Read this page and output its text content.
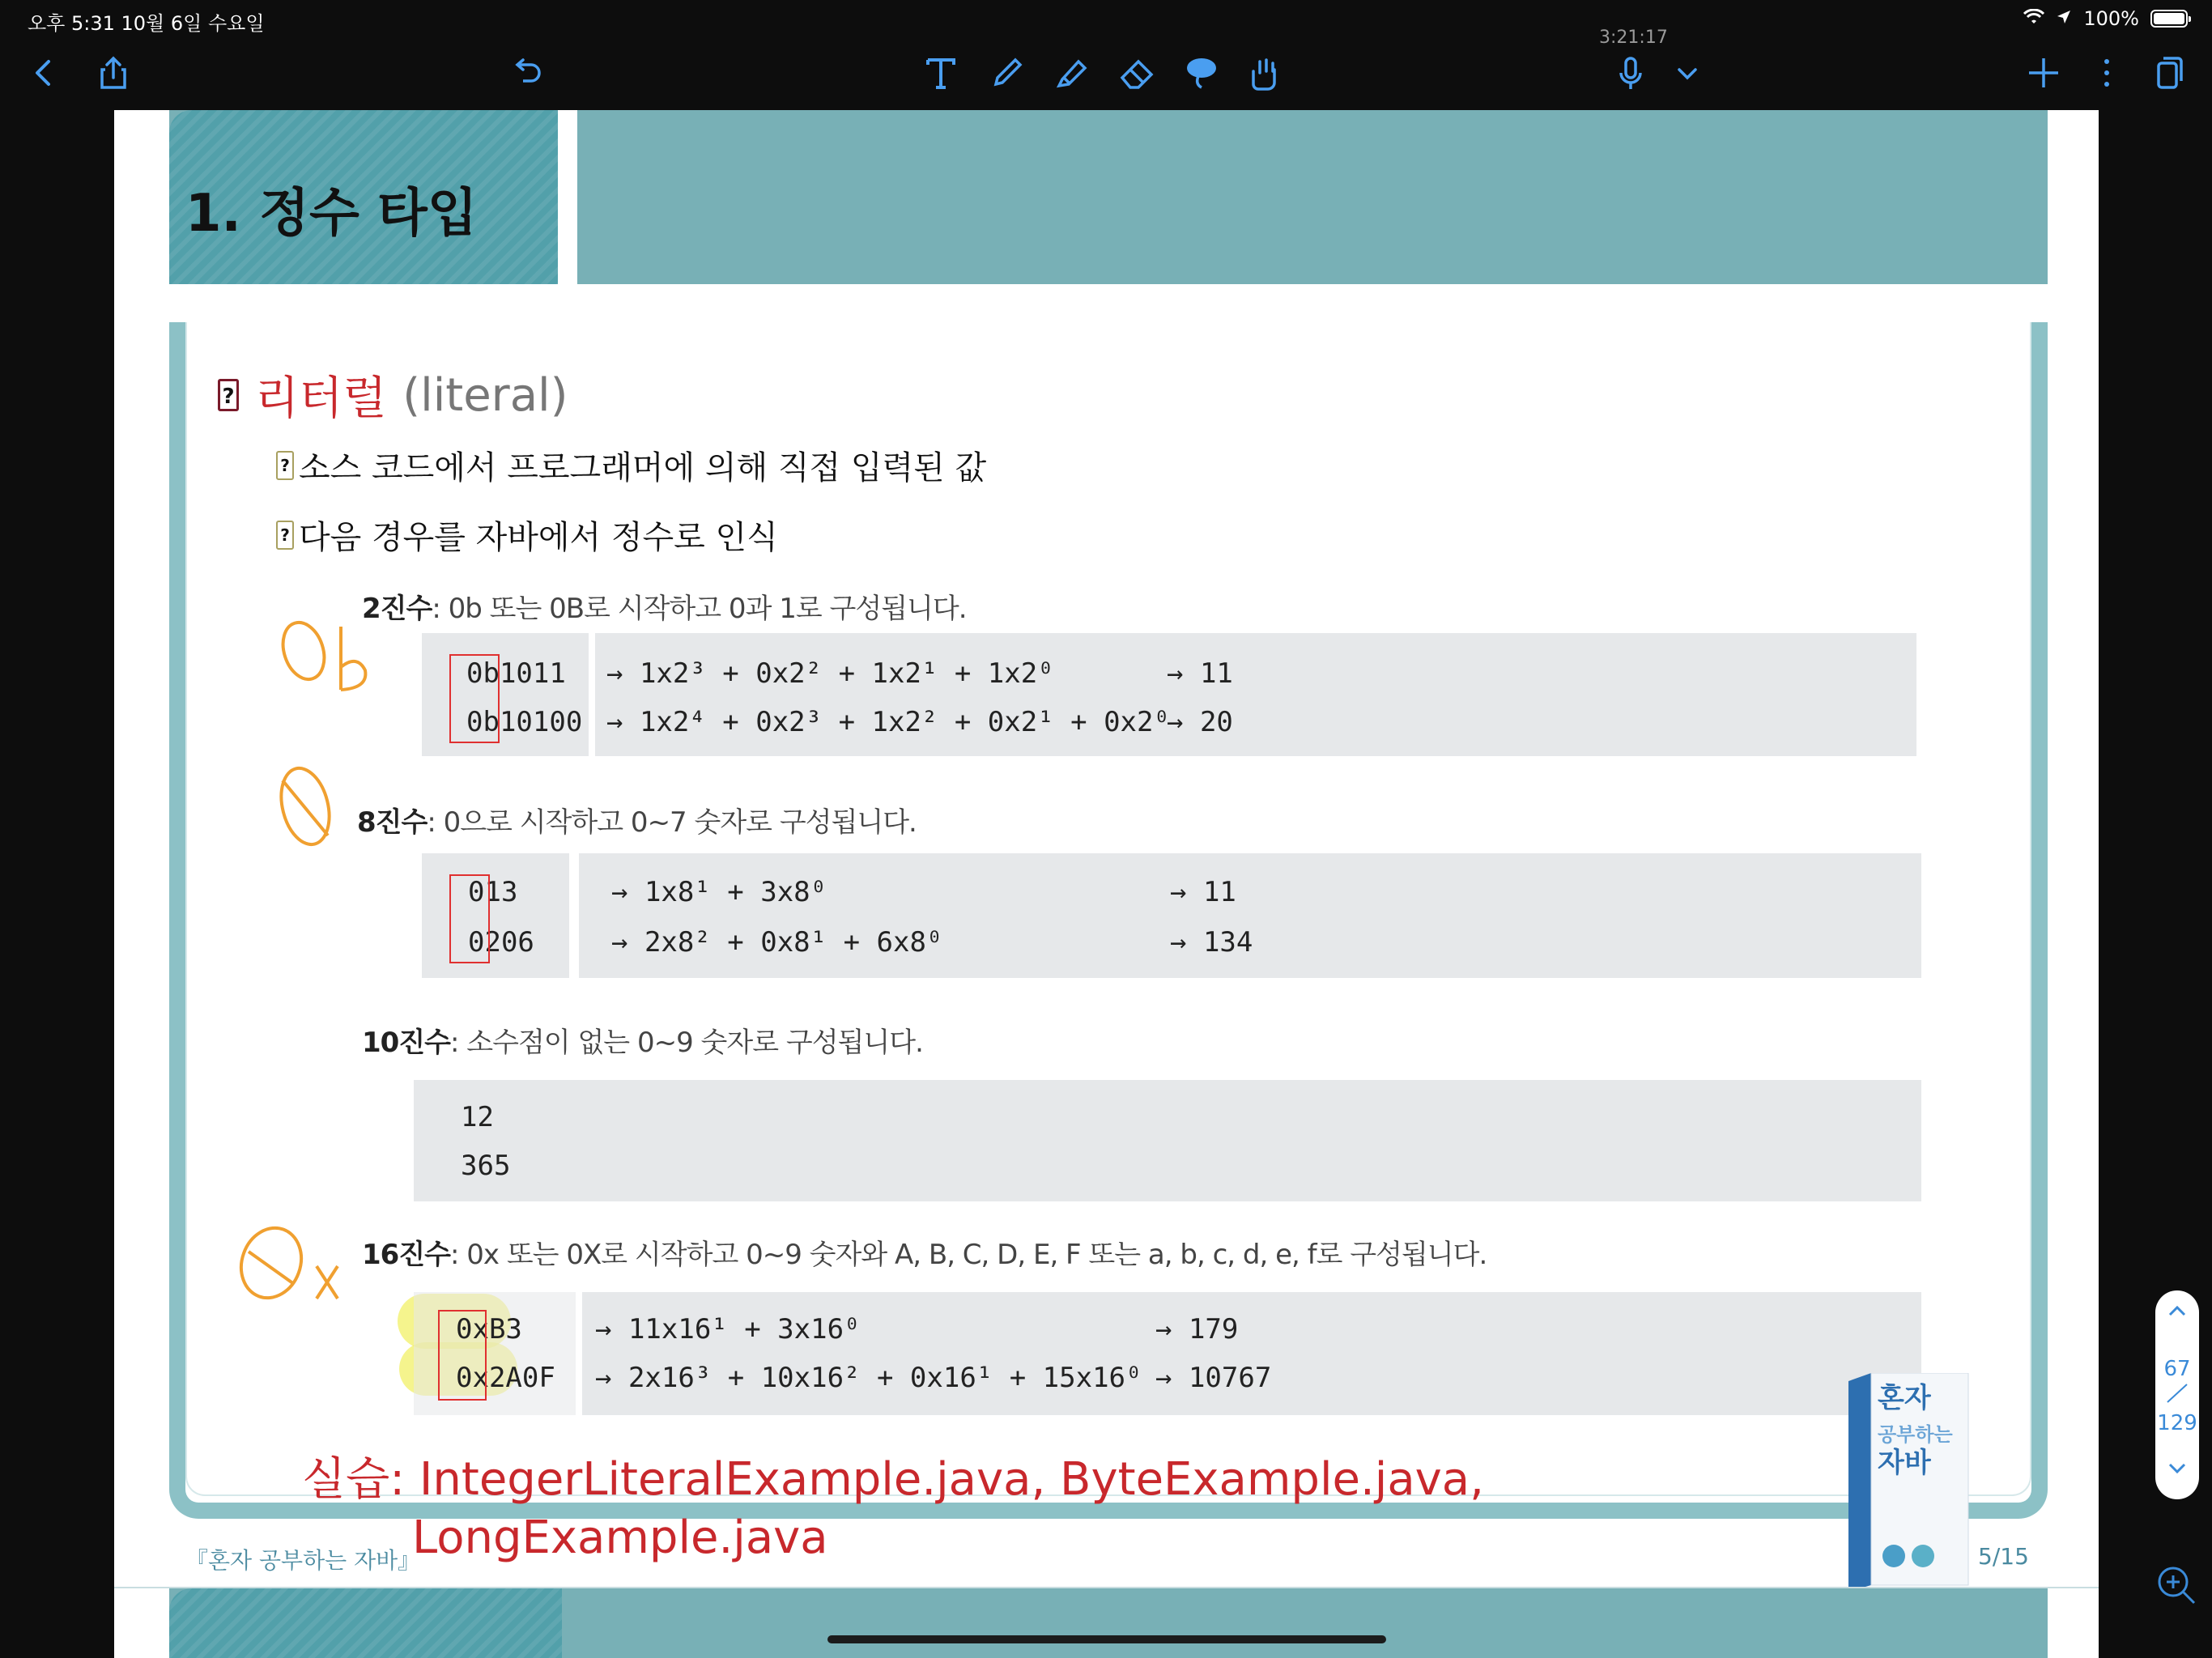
오후 5:31 10월 6일 수요일	100%
3:21:17
1. 정수 타입
? 리터럴 (literal)
? 소스 코드에서 프로그래머에 의해 직접 입력된 값
? 다음 경우를 자바에서 정수로 인식
2진수: 0b 또는 0B로 시작하고 0과 1로 구성됩니다.
0b1011
0b10100
→ 1x2³ + 0x2² + 1x2¹ + 1x2⁰
→ 1x2⁴ + 0x2³ + 1x2² + 0x2¹ + 0x2⁰
→ 11
→ 20
8진수: 0으로 시작하고 0~7 숫자로 구성됩니다.
013
0206
→ 1x8¹ + 3x8⁰
→ 2x8² + 0x8¹ + 6x8⁰
→ 11
→ 134
10진수: 소수점이 없는 0~9 숫자로 구성됩니다.
12
365
16진수: 0x 또는 0X로 시작하고 0~9 숫자와 A, B, C, D, E, F 또는 a, b, c, d, e, f로 구성됩니다.
0xB3
0x2A0F
→ 11x16¹ + 3x16⁰
→ 2x16³ + 10x16² + 0x16¹ + 15x16⁰
→ 179
→ 10767
혼자
공부하는
자바
실습: IntegerLiteralExample.java, ByteExample.java,
LongExample.java
『혼자 공부하는 자바』	5/15
67
129
